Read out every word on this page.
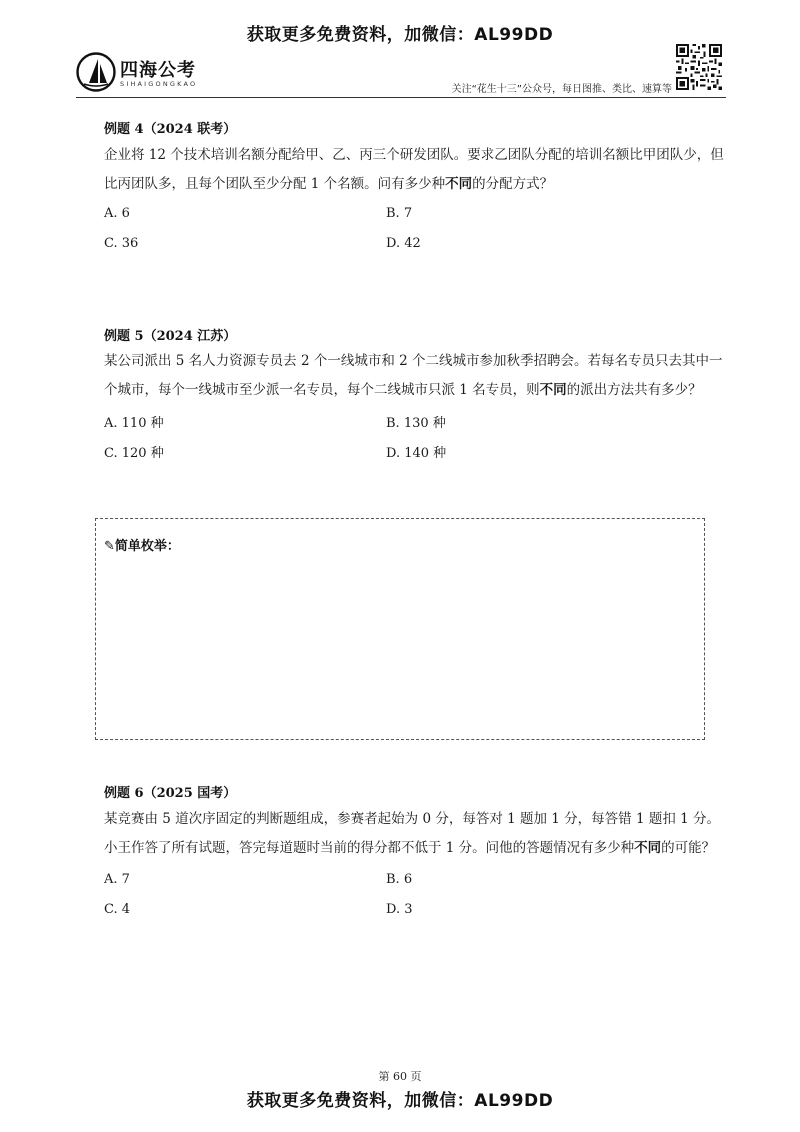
获取更多免费资料，加微信：AL99DD
四海公考
SIHAIGONGKAO	关注“花生十三”公众号，每日图推、类比、速算等
例题 4（2024 联考）
企业将 12 个技术培训名额分配给甲、乙、丙三个研发团队。要求乙团队分配的培训名额比甲团队少，但比丙团队多，且每个团队至少分配 1 个名额。问有多少种不同的分配方式？
A. 6	B. 7
C. 36	D. 42
例题 5（2024 江苏）
某公司派出 5 名人力资源专员去 2 个一线城市和 2 个二线城市参加秋季招聘会。若每名专员只去其中一个城市，每个一线城市至少派一名专员，每个二线城市只派 1 名专员，则不同的派出方法共有多少？
A. 110 种	B. 130 种
C. 120 种	D. 140 种
✎简单枚举：
例题 6（2025 国考）
某竞赛由 5 道次序固定的判断题组成，参赛者起始为 0 分，每答对 1 题加 1 分，每答错 1 题扣 1 分。小王作答了所有试题，答完每道题时当前的得分都不低于 1 分。问他的答题情况有多少种不同的可能？
A. 7	B. 6
C. 4	D. 3
第 60 页
获取更多免费资料，加微信：AL99DD
